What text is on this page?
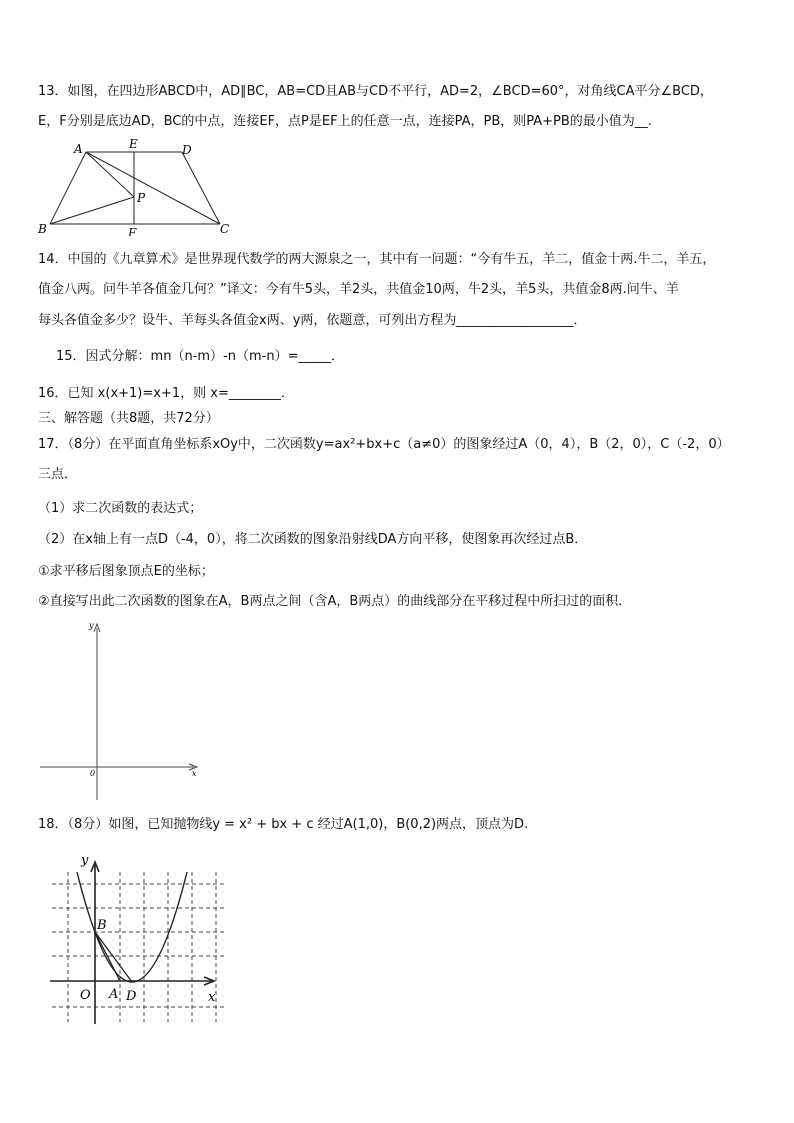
13．如图，在四边形ABCD中，AD∥BC，AB=CD且AB与CD不平行，AD=2，∠BCD=60°，对角线CA平分∠BCD，
E，F分别是底边AD，BC的中点，连接EF，点P是EF上的任意一点，连接PA，PB，则PA+PB的最小值为__.
A	E	D
B	F	C
P
14．中国的《九章算术》是世界现代数学的两大源泉之一，其中有一问题：“今有牛五，羊二，值金十两.牛二，羊五，
值金八两。问牛羊各值金几何？”译文：今有牛5头，羊2头，共值金10两，牛2头，羊5头，共值金8两.问牛、羊
每头各值金多少？设牛、羊每头各值金x两、y两，依题意，可列出方程为__________________．
15．因式分解：mn（n-m）-n（m-n）=_____．
16．已知 x(x+1)=x+1，则 x=________．
三、解答题（共8题，共72分）
17．（8分）在平面直角坐标系xOy中，二次函数y=ax²+bx+c（a≠0）的图象经过A（0，4），B（2，0），C（-2，0）
三点．
（1）求二次函数的表达式；
（2）在x轴上有一点D（-4，0），将二次函数的图象沿射线DA方向平移，使图象再次经过点B．
①求平移后图象顶点E的坐标；
②直接写出此二次函数的图象在A，B两点之间（含A，B两点）的曲线部分在平移过程中所扫过的面积．
y
x
0
18．（8分）如图，已知抛物线y = x² + bx + c 经过A(1,0)，B(0,2)两点，顶点为D.
y
x
O A
B
D
